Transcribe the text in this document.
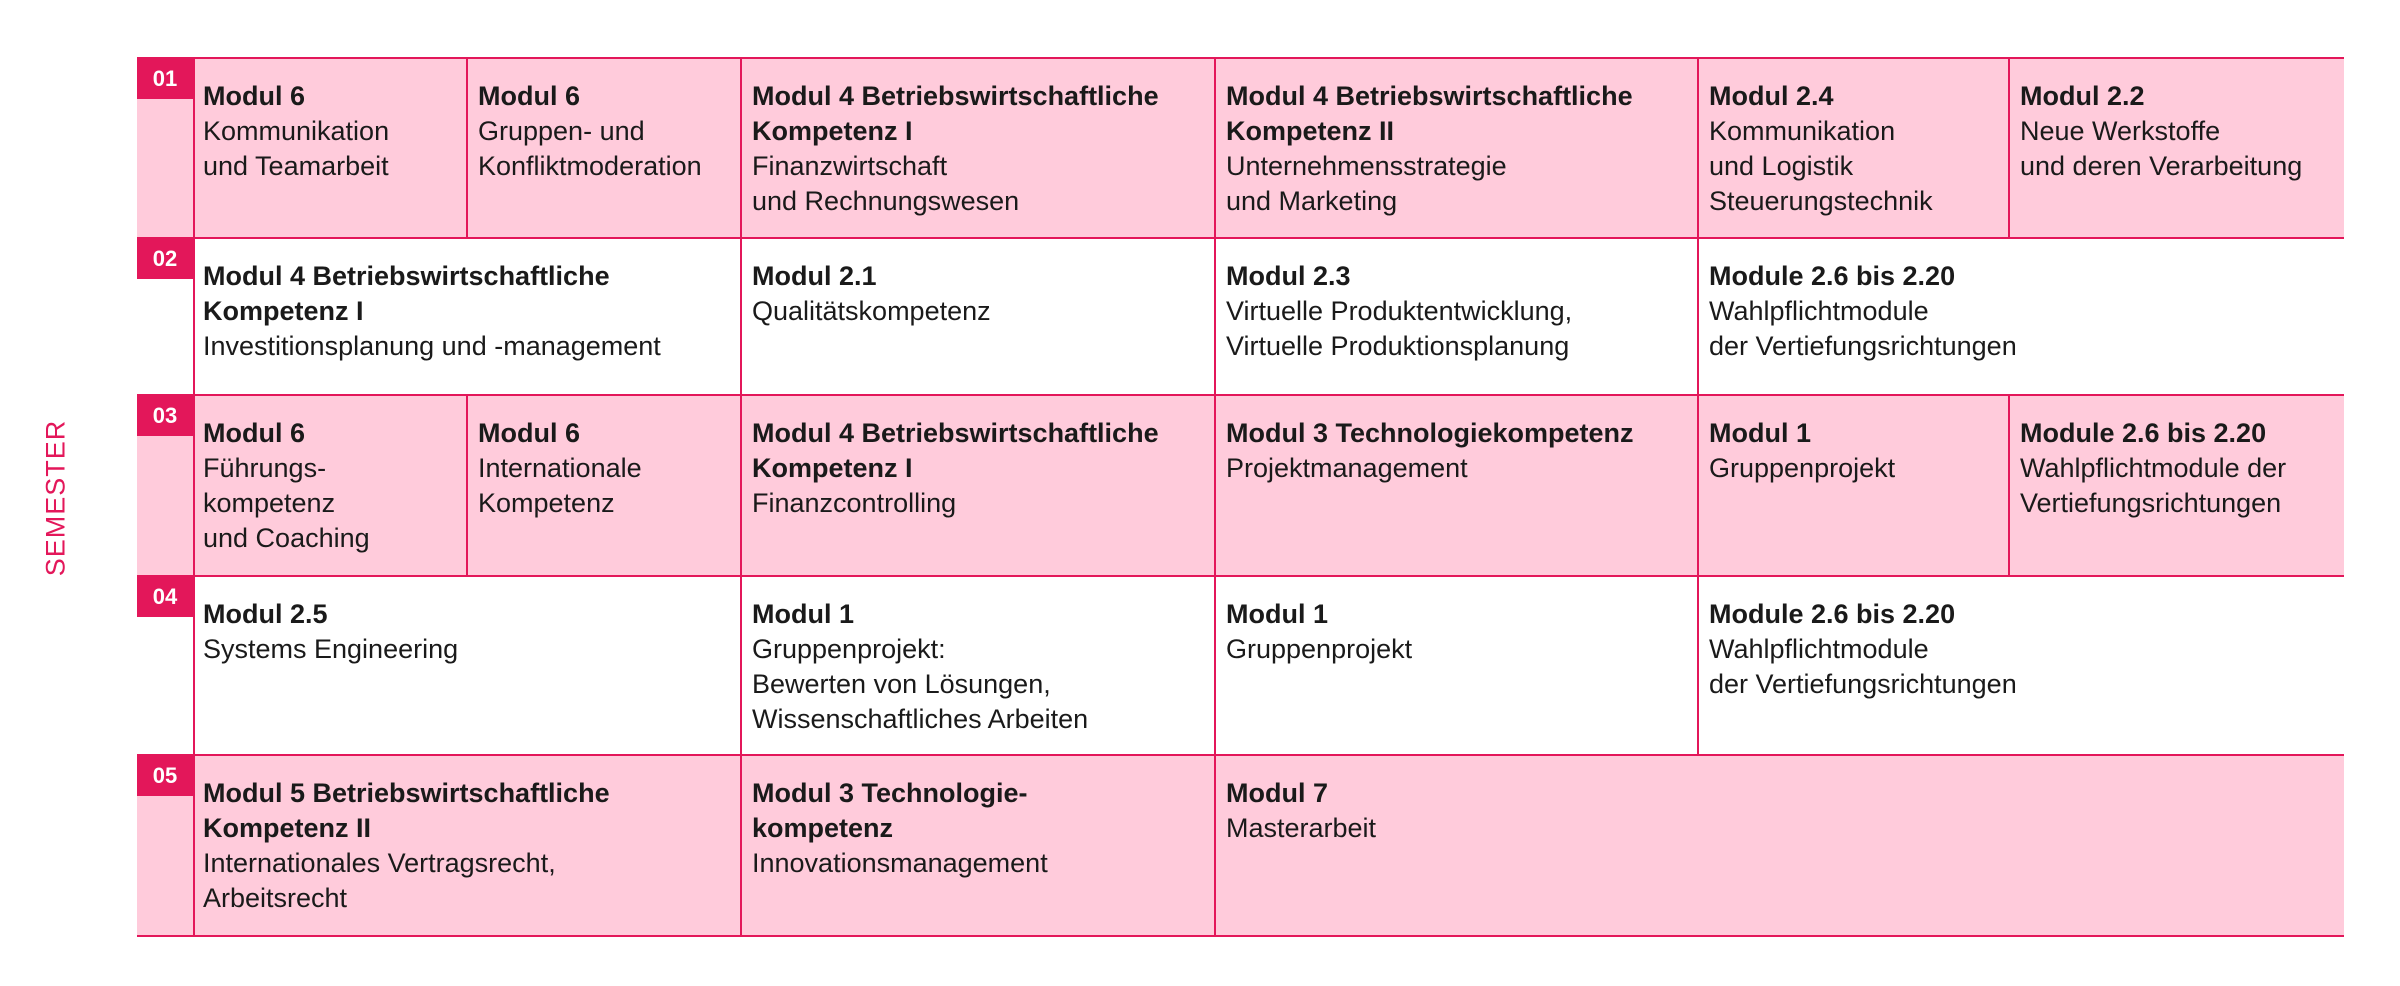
SEMESTER
01
Modul 6
Kommunikation
und Teamarbeit
Modul 6
Gruppen- und
Konfliktmoderation
Modul 4 Betriebswirtschaftliche
Kompetenz I
Finanzwirtschaft
und Rechnungswesen
Modul 4 Betriebswirtschaftliche
Kompetenz II
Unternehmensstrategie
und Marketing
Modul 2.4
Kommunikation
und Logistik
Steuerungstechnik
Modul 2.2
Neue Werkstoffe
und deren Verarbeitung
02
Modul 4 Betriebswirtschaftliche
Kompetenz I
Investitionsplanung und -management
Modul 2.1
Qualitätskompetenz
Modul 2.3
Virtuelle Produktentwicklung,
Virtuelle Produktionsplanung
Module 2.6 bis 2.20
Wahlpflichtmodule
der Vertiefungsrichtungen
03
Modul 6
Führungs-
kompetenz
und Coaching
Modul 6
Internationale
Kompetenz
Modul 4 Betriebswirtschaftliche
Kompetenz I
Finanzcontrolling
Modul 3 Technologiekompetenz
Projektmanagement
Modul 1
Gruppenprojekt
Module 2.6 bis 2.20
Wahlpflichtmodule der
Vertiefungsrichtungen
04
Modul 2.5
Systems Engineering
Modul 1
Gruppenprojekt:
Bewerten von Lösungen,
Wissenschaftliches Arbeiten
Modul 1
Gruppenprojekt
Module 2.6 bis 2.20
Wahlpflichtmodule
der Vertiefungsrichtungen
05
Modul 5 Betriebswirtschaftliche
Kompetenz II
Internationales Vertragsrecht,
Arbeitsrecht
Modul 3 Technologie-
kompetenz
Innovationsmanagement
Modul 7
Masterarbeit
